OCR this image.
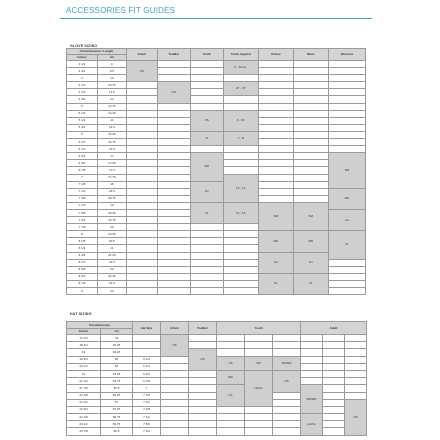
ACCESSORIES FIT GUIDES
GLOVE SIZING
Circumference / Length		Infant	Toddler	Youth	Youth Apparel	Unisex	Mens	Womens
Inches	cm							
3 1/2	9	OS			0 - 19mo.			
3 3/4	9.5							
4	10							
4 1/4	10.75		OS		2T - 4T			
4 1/2	11.5							
4 3/4	12							
5	12.75							
5 1/4	13.25			XS	4 - 6X			
5 1/2	14							
5 3/4	14.5							
6	15.25			S	7 - 8			
6 1/4	15.75							
6 1/2	16.5							
6 3/4	17			MD				SM
6 3/4	17.25							
6 7/8	17.5							
7	17.75				10 - 12			
7 1/8	18			LG				
7 1/4	18.5							MD
7 3/8	18.75							
7 1/2	19			XL	14 - 16	SM	SM	
7 5/8	19.25							LG
7 3/4	19.75							
7 7/8	20							
8	20.25					MD	MD	XL
8 1/8	20.5							
8 1/4	21							
8 3/8	21.25					LG	LG	
8 1/2	21.5							
8 5/8	22							
8 3/4	22.25					XL	XL	
8 7/8	22.5							
9	23							
HAT SIZING
Circumference		Hat Size	Infant	Toddler	Youth			Adult		
Inches	cm									
17 1/4	44		OS							
18 1/4	46.25									
19	48.25			OS						
19 3/4	50	6 1/4			OS	SM	SM/MD			
20 1/2	52	6 1/2								
21	53.25	6 3/4			MD	LG/XL	OS			
21 1/2	54.75	6 7/8								
21 7/8	55.5	7			LG			SM/MD		
22 1/8	56.25	7 1/8								
22 1/2	57	7 1/4								OS
22 3/4	57.75	7 3/8								
23 1/8	58.75	7 1/2						LG/XL		
23 1/2	59.75	7 5/8								
23 7/8	60.5	7 3/4								
